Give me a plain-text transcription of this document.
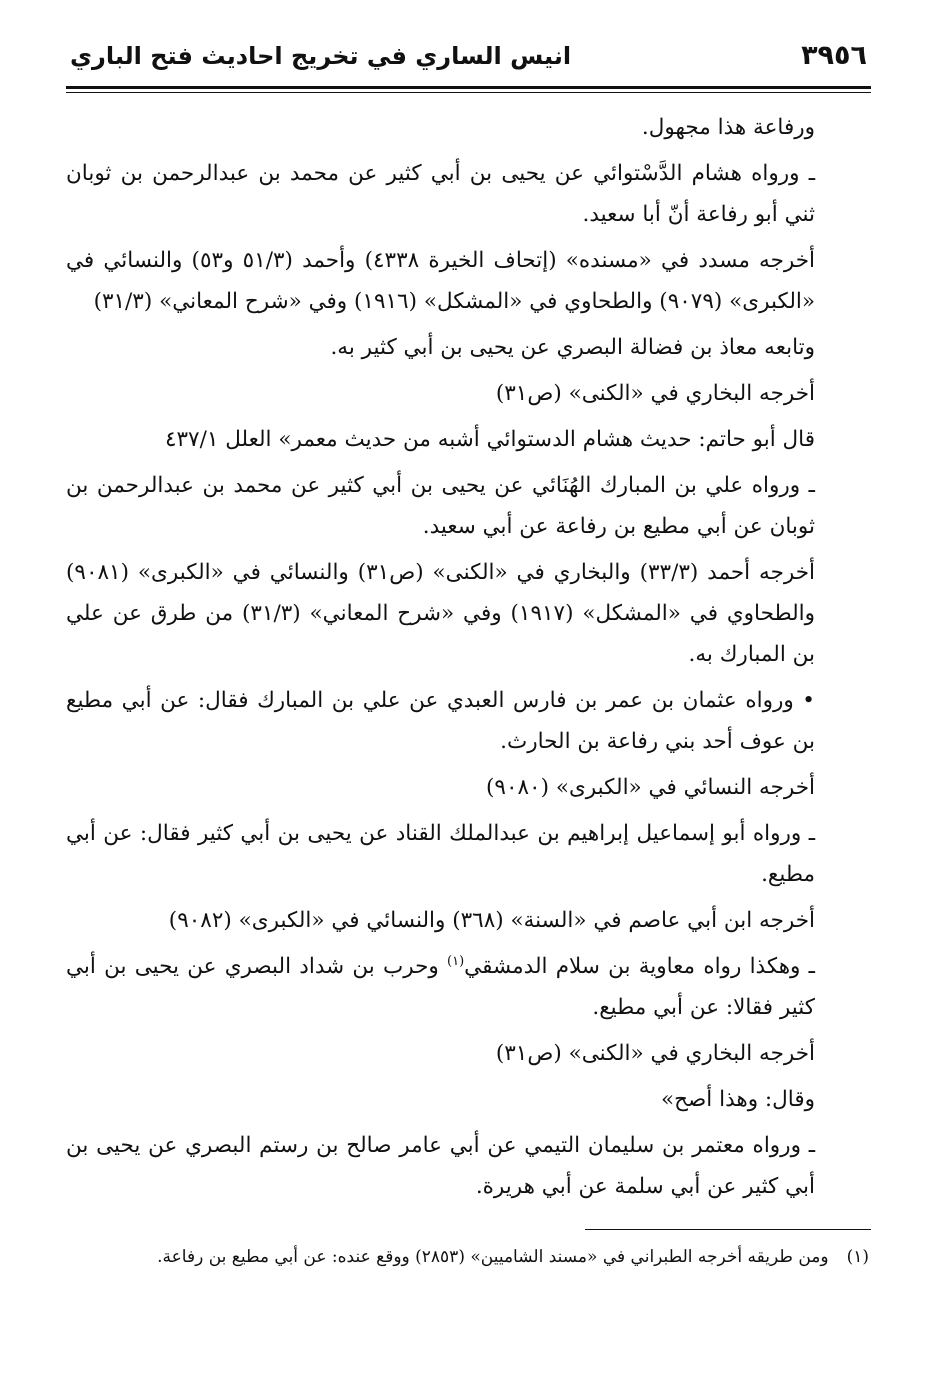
٣٩٥٦
انيس الساري في تخريج احاديث فتح الباري

ورفاعة هذا مجهول.

ـ ورواه هشام الدَّسْتوائي عن يحيى بن أبي كثير عن محمد بن عبدالرحمن بن ثوبان ثني أبو رفاعة أنّ أبا سعيد.

أخرجه مسدد في «مسنده» (إتحاف الخيرة ٤٣٣٨) وأحمد (٥١/٣ و٥٣) والنسائي في «الكبرى» (٩٠٧٩) والطحاوي في «المشكل» (١٩١٦) وفي «شرح المعاني» (٣١/٣)

وتابعه معاذ بن فضالة البصري عن يحيى بن أبي كثير به.

أخرجه البخاري في «الكنى» (ص٣١)

قال أبو حاتم: حديث هشام الدستوائي أشبه من حديث معمر» العلل ٤٣٧/١

ـ ورواه علي بن المبارك الهُنَائي عن يحيى بن أبي كثير عن محمد بن عبدالرحمن بن ثوبان عن أبي مطيع بن رفاعة عن أبي سعيد.

أخرجه أحمد (٣٣/٣) والبخاري في «الكنى» (ص٣١) والنسائي في «الكبرى» (٩٠٨١) والطحاوي في «المشكل» (١٩١٧) وفي «شرح المعاني» (٣١/٣) من طرق عن علي بن المبارك به.

• ورواه عثمان بن عمر بن فارس العبدي عن علي بن المبارك فقال: عن أبي مطيع بن عوف أحد بني رفاعة بن الحارث.

أخرجه النسائي في «الكبرى» (٩٠٨٠)

ـ ورواه أبو إسماعيل إبراهيم بن عبدالملك القناد عن يحيى بن أبي كثير فقال: عن أبي مطيع.

أخرجه ابن أبي عاصم في «السنة» (٣٦٨) والنسائي في «الكبرى» (٩٠٨٢)

ـ وهكذا رواه معاوية بن سلام الدمشقي$^{(١)}$ وحرب بن شداد البصري عن يحيى بن أبي كثير فقالا: عن أبي مطيع.

أخرجه البخاري في «الكنى» (ص٣١)

وقال: وهذا أصح»

ـ ورواه معتمر بن سليمان التيمي عن أبي عامر صالح بن رستم البصري عن يحيى بن أبي كثير عن أبي سلمة عن أبي هريرة.

(١)
ومن طريقه أخرجه الطبراني في «مسند الشاميين» (٢٨٥٣) ووقع عنده: عن أبي مطيع بن رفاعة.
